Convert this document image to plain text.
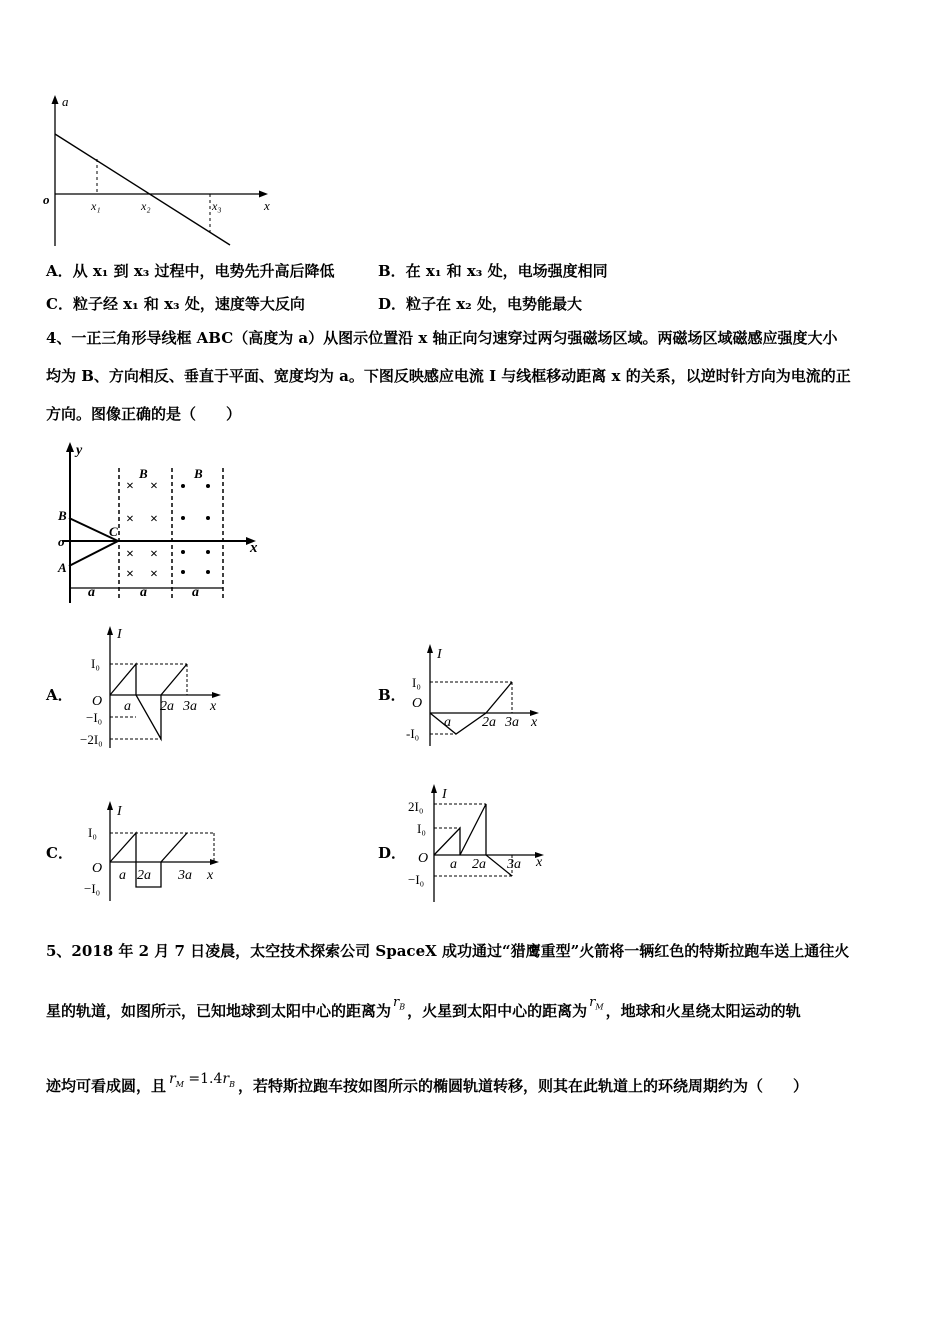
a
o	x
x₁	x₂	x₃
A．从 x₁ 到 x₃ 过程中，电势先升高后降低	B．在 x₁ 和 x₃ 处，电场强度相同
C．粒子经 x₁ 和 x₃ 处，速度等大反向	D．粒子在 x₂ 处，电势能最大
4、一正三角形导线框 ABC（高度为 a）从图示位置沿 x 轴正向匀速穿过两匀强磁场区域。两磁场区域磁感应强度大小
均为 B、方向相反、垂直于平面、宽度均为 a。下图反映感应电流 I 与线框移动距离 x 的关系，以逆时针方向为电流的正
方向。图像正确的是（　　）
y
x
o
B
C
A
× ×
× ×
× ×
× ×
B	B
a	a	a
A．	B．
C．	D．
I
x
O
I₀
−I₀
−2I₀
a 2a 3a
I
x
O
I₀
-I₀
a 2a 3a
I
x
O
I₀
−I₀
a 2a 3a
I
x
O
2I₀
I₀
−I₀
a 2a 3a
5、2018 年 2 月 7 日凌晨，太空技术探索公司 SpaceX 成功通过“猎鹰重型”火箭将一辆红色的特斯拉跑车送上通往火
星的轨道，如图所示，已知地球到太阳中心的距离为 $r_B$ ，火星到太阳中心的距离为 $r_M$ ，地球和火星绕太阳运动的轨
迹均可看成圆，且 $r_M =1.4r_B$ ，若特斯拉跑车按如图所示的椭圆轨道转移，则其在此轨道上的环绕周期约为（　　）
